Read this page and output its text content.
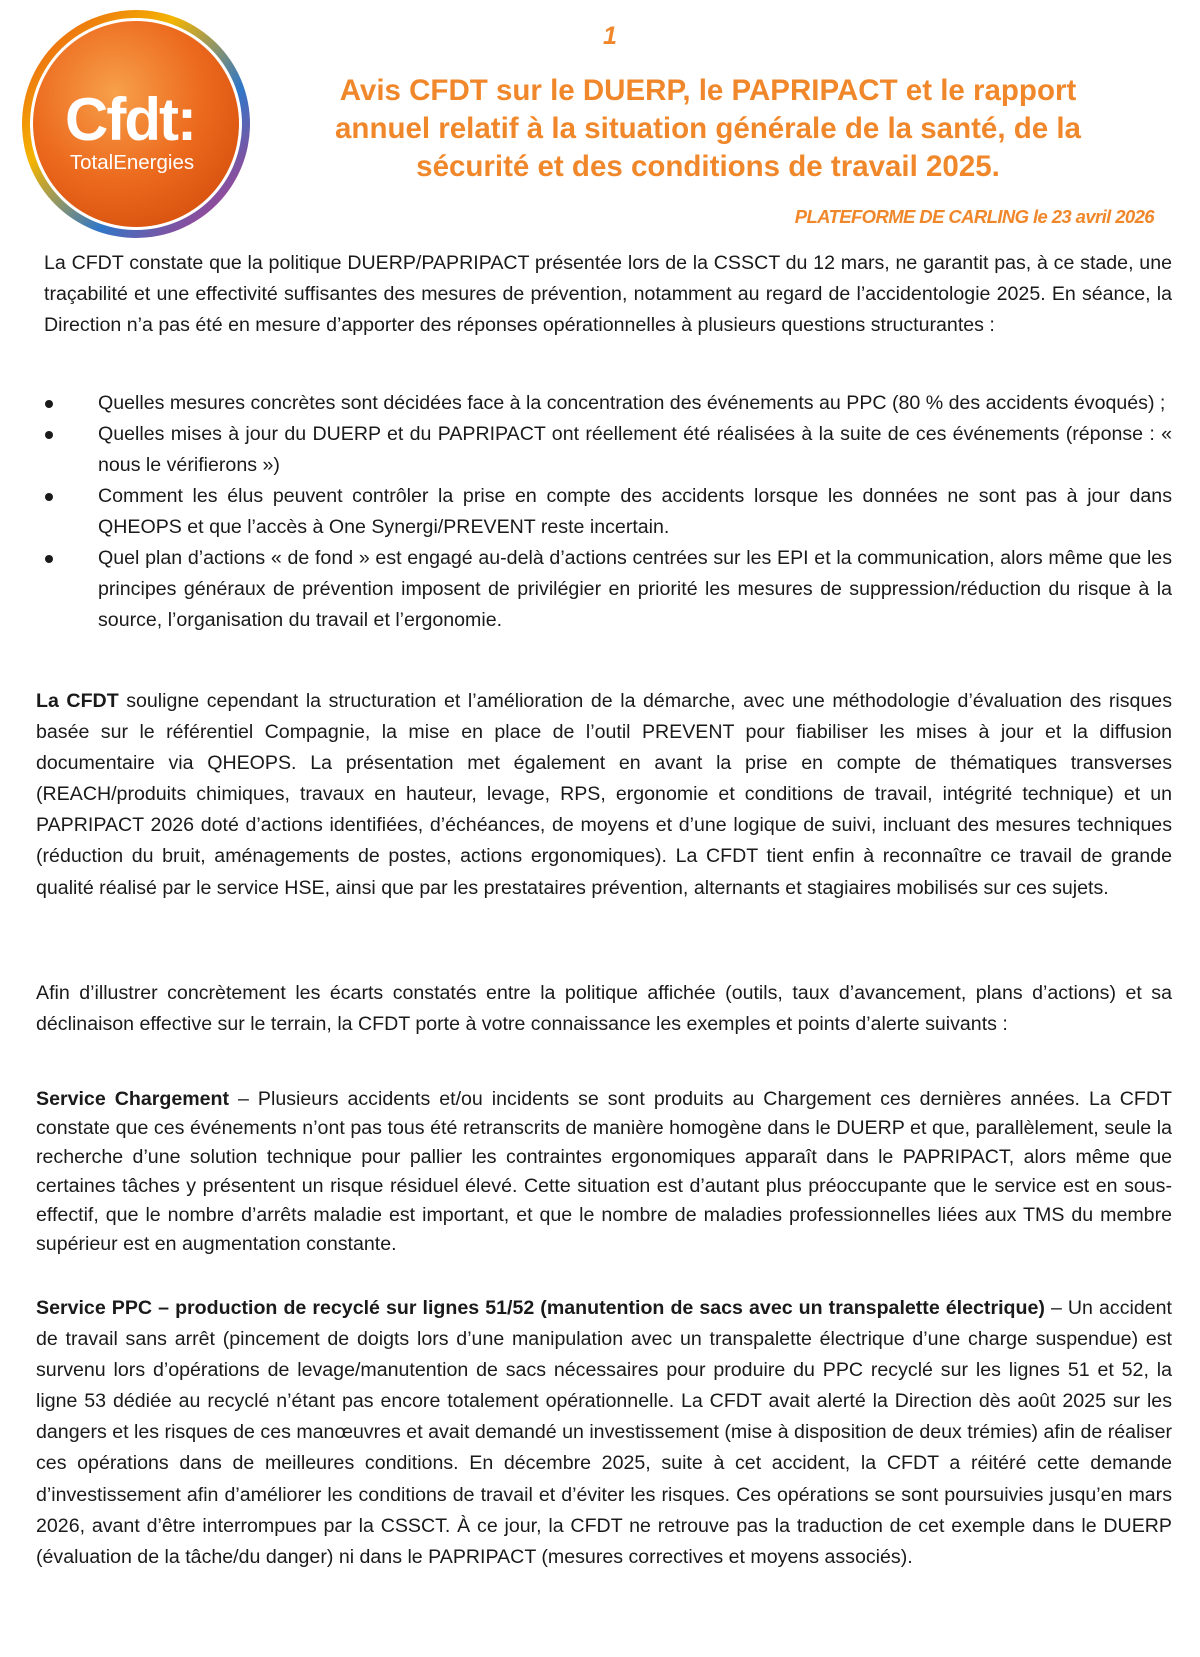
Cfdt:
TotalEnergies
1
Avis CFDT sur le DUERP, le PAPRIPACT et le rapport
annuel relatif à la situation générale de la santé, de la
sécurité et des conditions de travail 2025.
PLATEFORME DE CARLING le 23 avril 2026

La CFDT constate que la politique DUERP/PAPRIPACT présentée lors de la CSSCT du 12 mars, ne garantit pas, à ce stade, une traçabilité et une effectivité suffisantes des mesures de prévention, notamment au regard de l’accidentologie 2025. En séance, la Direction n’a pas été en mesure d’apporter des réponses opérationnelles à plusieurs questions structurantes :

Quelles mesures concrètes sont décidées face à la concentration des événements au PPC (80 % des accidents évoqués) ;
Quelles mises à jour du DUERP et du PAPRIPACT ont réellement été réalisées à la suite de ces événements (réponse : « nous le vérifierons »)
Comment les élus peuvent contrôler la prise en compte des accidents lorsque les données ne sont pas à jour dans QHEOPS et que l’accès à One Synergi/PREVENT reste incertain.
Quel plan d’actions « de fond » est engagé au-delà d’actions centrées sur les EPI et la communication, alors même que les principes généraux de prévention imposent de privilégier en priorité les mesures de suppression/réduction du risque à la source, l’organisation du travail et l’ergonomie.

La CFDT souligne cependant la structuration et l’amélioration de la démarche, avec une méthodologie d’évaluation des risques basée sur le référentiel Compagnie, la mise en place de l’outil PREVENT pour fiabiliser les mises à jour et la diffusion documentaire via QHEOPS. La présentation met également en avant la prise en compte de thématiques transverses (REACH/produits chimiques, travaux en hauteur, levage, RPS, ergonomie et conditions de travail, intégrité technique) et un PAPRIPACT 2026 doté d’actions identifiées, d’échéances, de moyens et d’une logique de suivi, incluant des mesures techniques (réduction du bruit, aménagements de postes, actions ergonomiques). La CFDT tient enfin à reconnaître ce travail de grande qualité réalisé par le service HSE, ainsi que par les prestataires prévention, alternants et stagiaires mobilisés sur ces sujets.

Afin d’illustrer concrètement les écarts constatés entre la politique affichée (outils, taux d’avancement, plans d’actions) et sa déclinaison effective sur le terrain, la CFDT porte à votre connaissance les exemples et points d’alerte suivants :

Service Chargement – Plusieurs accidents et/ou incidents se sont produits au Chargement ces dernières années. La CFDT constate que ces événements n’ont pas tous été retranscrits de manière homogène dans le DUERP et que, parallèlement, seule la recherche d’une solution technique pour pallier les contraintes ergonomiques apparaît dans le PAPRIPACT, alors même que certaines tâches y présentent un risque résiduel élevé. Cette situation est d’autant plus préoccupante que le service est en sous-effectif, que le nombre d’arrêts maladie est important, et que le nombre de maladies professionnelles liées aux TMS du membre supérieur est en augmentation constante.

Service PPC – production de recyclé sur lignes 51/52 (manutention de sacs avec un transpalette électrique) – Un accident de travail sans arrêt (pincement de doigts lors d’une manipulation avec un transpalette électrique d’une charge suspendue) est survenu lors d’opérations de levage/manutention de sacs nécessaires pour produire du PPC recyclé sur les lignes 51 et 52, la ligne 53 dédiée au recyclé n’étant pas encore totalement opérationnelle. La CFDT avait alerté la Direction dès août 2025 sur les dangers et les risques de ces manœuvres et avait demandé un investissement (mise à disposition de deux trémies) afin de réaliser ces opérations dans de meilleures conditions. En décembre 2025, suite à cet accident, la CFDT a réitéré cette demande d’investissement afin d’améliorer les conditions de travail et d’éviter les risques. Ces opérations se sont poursuivies jusqu’en mars 2026, avant d’être interrompues par la CSSCT. À ce jour, la CFDT ne retrouve pas la traduction de cet exemple dans le DUERP (évaluation de la tâche/du danger) ni dans le PAPRIPACT (mesures correctives et moyens associés).
